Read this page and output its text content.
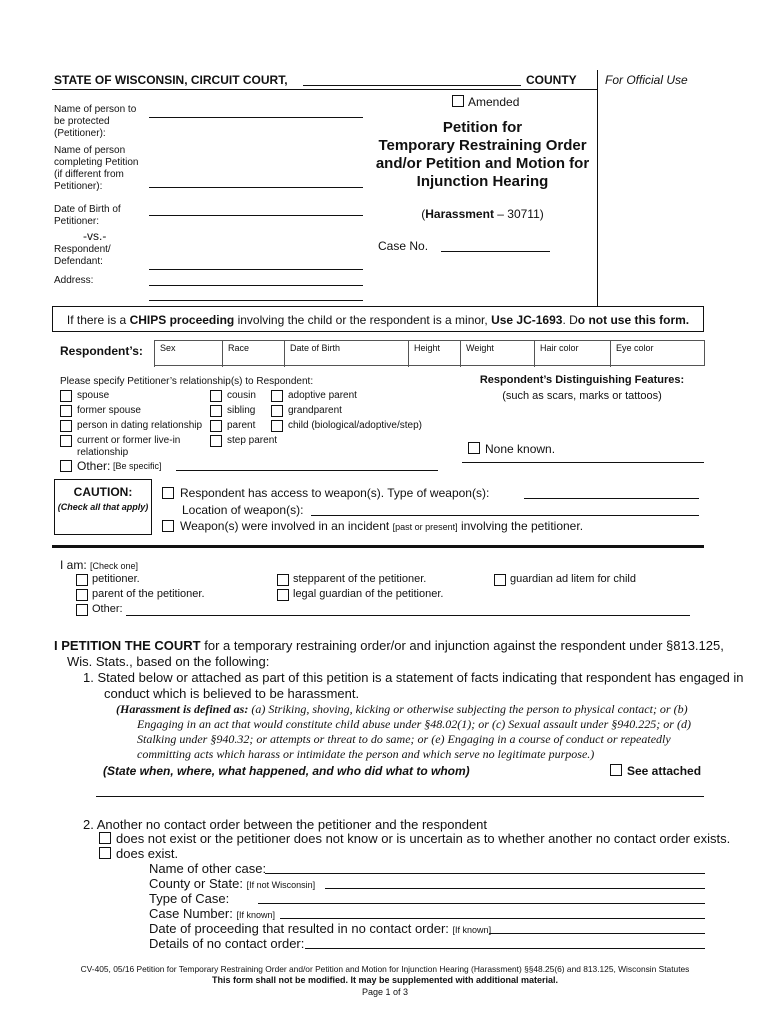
STATE OF WISCONSIN, CIRCUIT COURT,	COUNTY For Official Use
Name of person to be protected (Petitioner):
Name of person completing Petition (if different from Petitioner):
Date of Birth of Petitioner:
-vs.-
Respondent/ Defendant:
Address:
Amended
Petition for
Temporary Restraining Order
and/or Petition and Motion for
Injunction Hearing
(Harassment – 30711)
Case No.
If there is a CHIPS proceeding involving the child or the respondent is a minor, Use JC-1693. Do not use this form.
Respondent’s:	Sex	Race	Date of Birth	Height	Weight	Hair color	Eye color
Please specify Petitioner’s relationship(s) to Respondent:
spouse
former spouse
person in dating relationship
current or former live-in
relationship
cousin
sibling
parent
step parent
adoptive parent
grandparent
child (biological/adoptive/step)
Other: [Be specific]
Respondent’s Distinguishing Features:
(such as scars, marks or tattoos)
None known.
CAUTION:
(Check all that apply)
Respondent has access to weapon(s). Type of weapon(s):
Location of weapon(s):
Weapon(s) were involved in an incident [past or present] involving the petitioner.
I am: [Check one]
petitioner.
parent of the petitioner.
Other:
stepparent of the petitioner.
legal guardian of the petitioner.
guardian ad litem for child
I PETITION THE COURT for a temporary restraining order/or and injunction against the respondent under §813.125,
Wis. Stats., based on the following:
1. Stated below or attached as part of this petition is a statement of facts indicating that respondent has engaged in
conduct which is believed to be harassment.
(Harassment is defined as: (a) Striking, shoving, kicking or otherwise subjecting the person to physical contact; or (b)
Engaging in an act that would constitute child abuse under §48.02(1); or (c) Sexual assault under §940.225; or (d)
Stalking under §940.32; or attempts or threat to do same; or (e) Engaging in a course of conduct or repeatedly
committing acts which harass or intimidate the person and which serve no legitimate purpose.)
(State when, where, what happened, and who did what to whom)	See attached
2. Another no contact order between the petitioner and the respondent
does not exist or the petitioner does not know or is uncertain as to whether another no contact order exists.
does exist.
Name of other case:
County or State: [If not Wisconsin]
Type of Case:
Case Number: [If known]
Date of proceeding that resulted in no contact order: [If known]
Details of no contact order:
CV-405, 05/16 Petition for Temporary Restraining Order and/or Petition and Motion for Injunction Hearing (Harassment) §§48.25(6) and 813.125, Wisconsin Statutes
This form shall not be modified. It may be supplemented with additional material.
Page 1 of 3
